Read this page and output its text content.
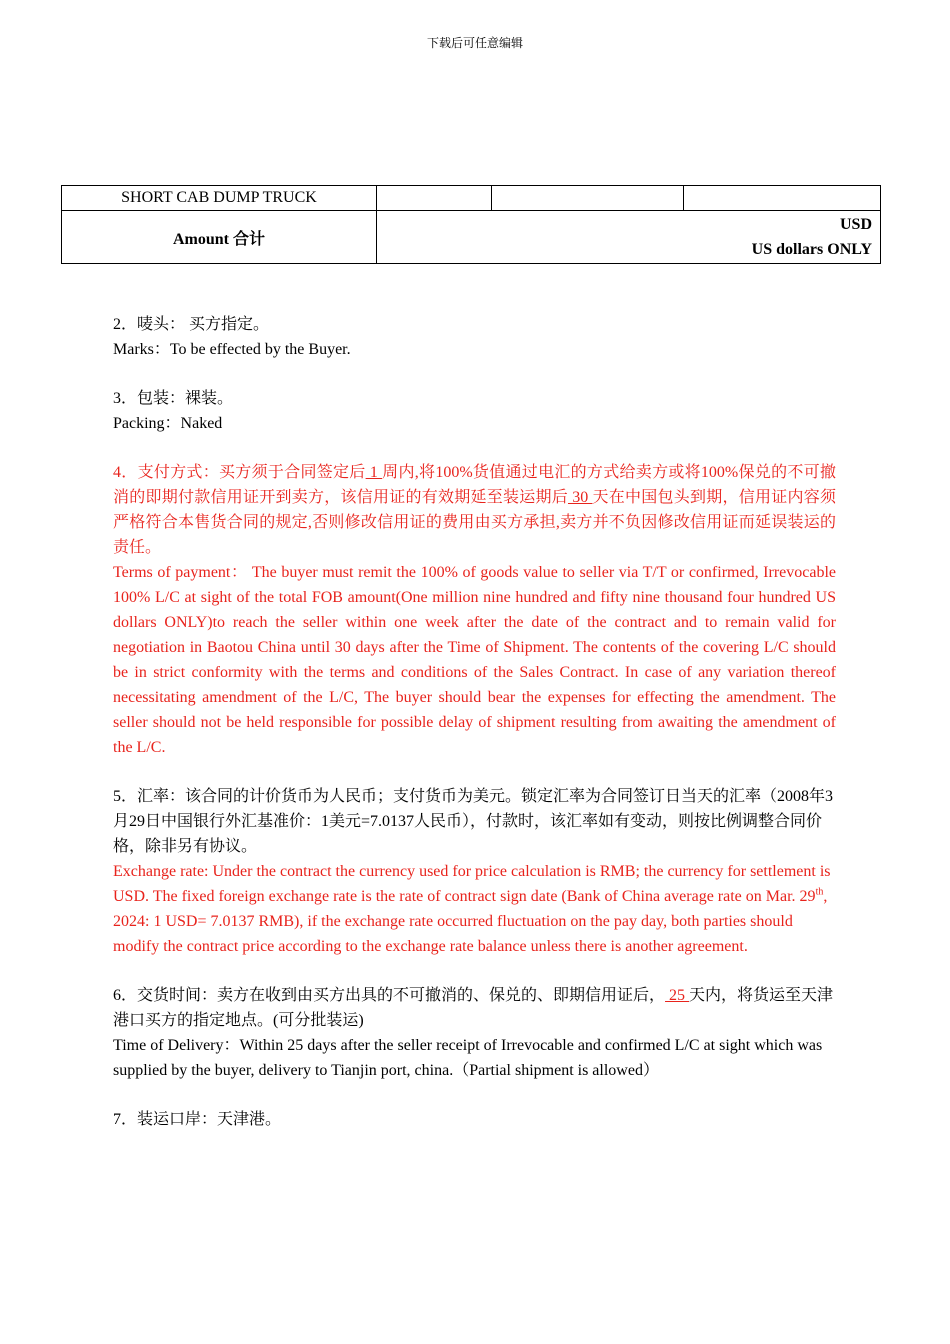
下载后可任意编辑
SHORT CAB DUMP TRUCK			
Amount 合计	USD
US dollars ONLY		

2．唛头： 买方指定。

Marks：To be effected by the Buyer.

3．包装：裸装。

Packing：Naked

4．支付方式：买方须于合同签定后 1 周内,将100%货值通过电汇的方式给卖方或将100%保兑的不可撤消的即期付款信用证开到卖方，该信用证的有效期延至装运期后 30 天在中国包头到期，信用证内容须严格符合本售货合同的规定,否则修改信用证的费用由买方承担,卖方并不负因修改信用证而延误装运的责任。

Terms of payment： The buyer must remit the 100% of goods value to seller via T/T or confirmed, Irrevocable 100% L/C at sight of the total FOB amount(One million nine hundred and fifty nine thousand four hundred US dollars ONLY)to reach the seller within one week after the date of the contract and to remain valid for negotiation in Baotou China until 30 days after the Time of Shipment. The contents of the covering L/C should be in strict conformity with the terms and conditions of the Sales Contract. In case of any variation thereof necessitating amendment of the L/C, The buyer should bear the expenses for effecting the amendment. The seller should not be held responsible for possible delay of shipment resulting from awaiting the amendment of the L/C.

5．汇率：该合同的计价货币为人民币；支付货币为美元。锁定汇率为合同签订日当天的汇率（2008年3月29日中国银行外汇基准价：1美元=7.0137人民币），付款时，该汇率如有变动，则按比例调整合同价格，除非另有协议。

Exchange rate: Under the contract the currency used for price calculation is RMB; the currency for settlement is USD. The fixed foreign exchange rate is the rate of contract sign date (Bank of China average rate on Mar. 29th, 2024: 1 USD= 7.0137 RMB), if the exchange rate occurred fluctuation on the pay day, both parties should modify the contract price according to the exchange rate balance unless there is another agreement.

6．交货时间：卖方在收到由买方出具的不可撤消的、保兑的、即期信用证后， 25 天内，将货运至天津港口买方的指定地点。(可分批装运)

Time of Delivery：Within 25 days after the seller receipt of Irrevocable and confirmed L/C at sight which was supplied by the buyer, delivery to Tianjin port, china.（Partial shipment is allowed）

7．装运口岸：天津港。
